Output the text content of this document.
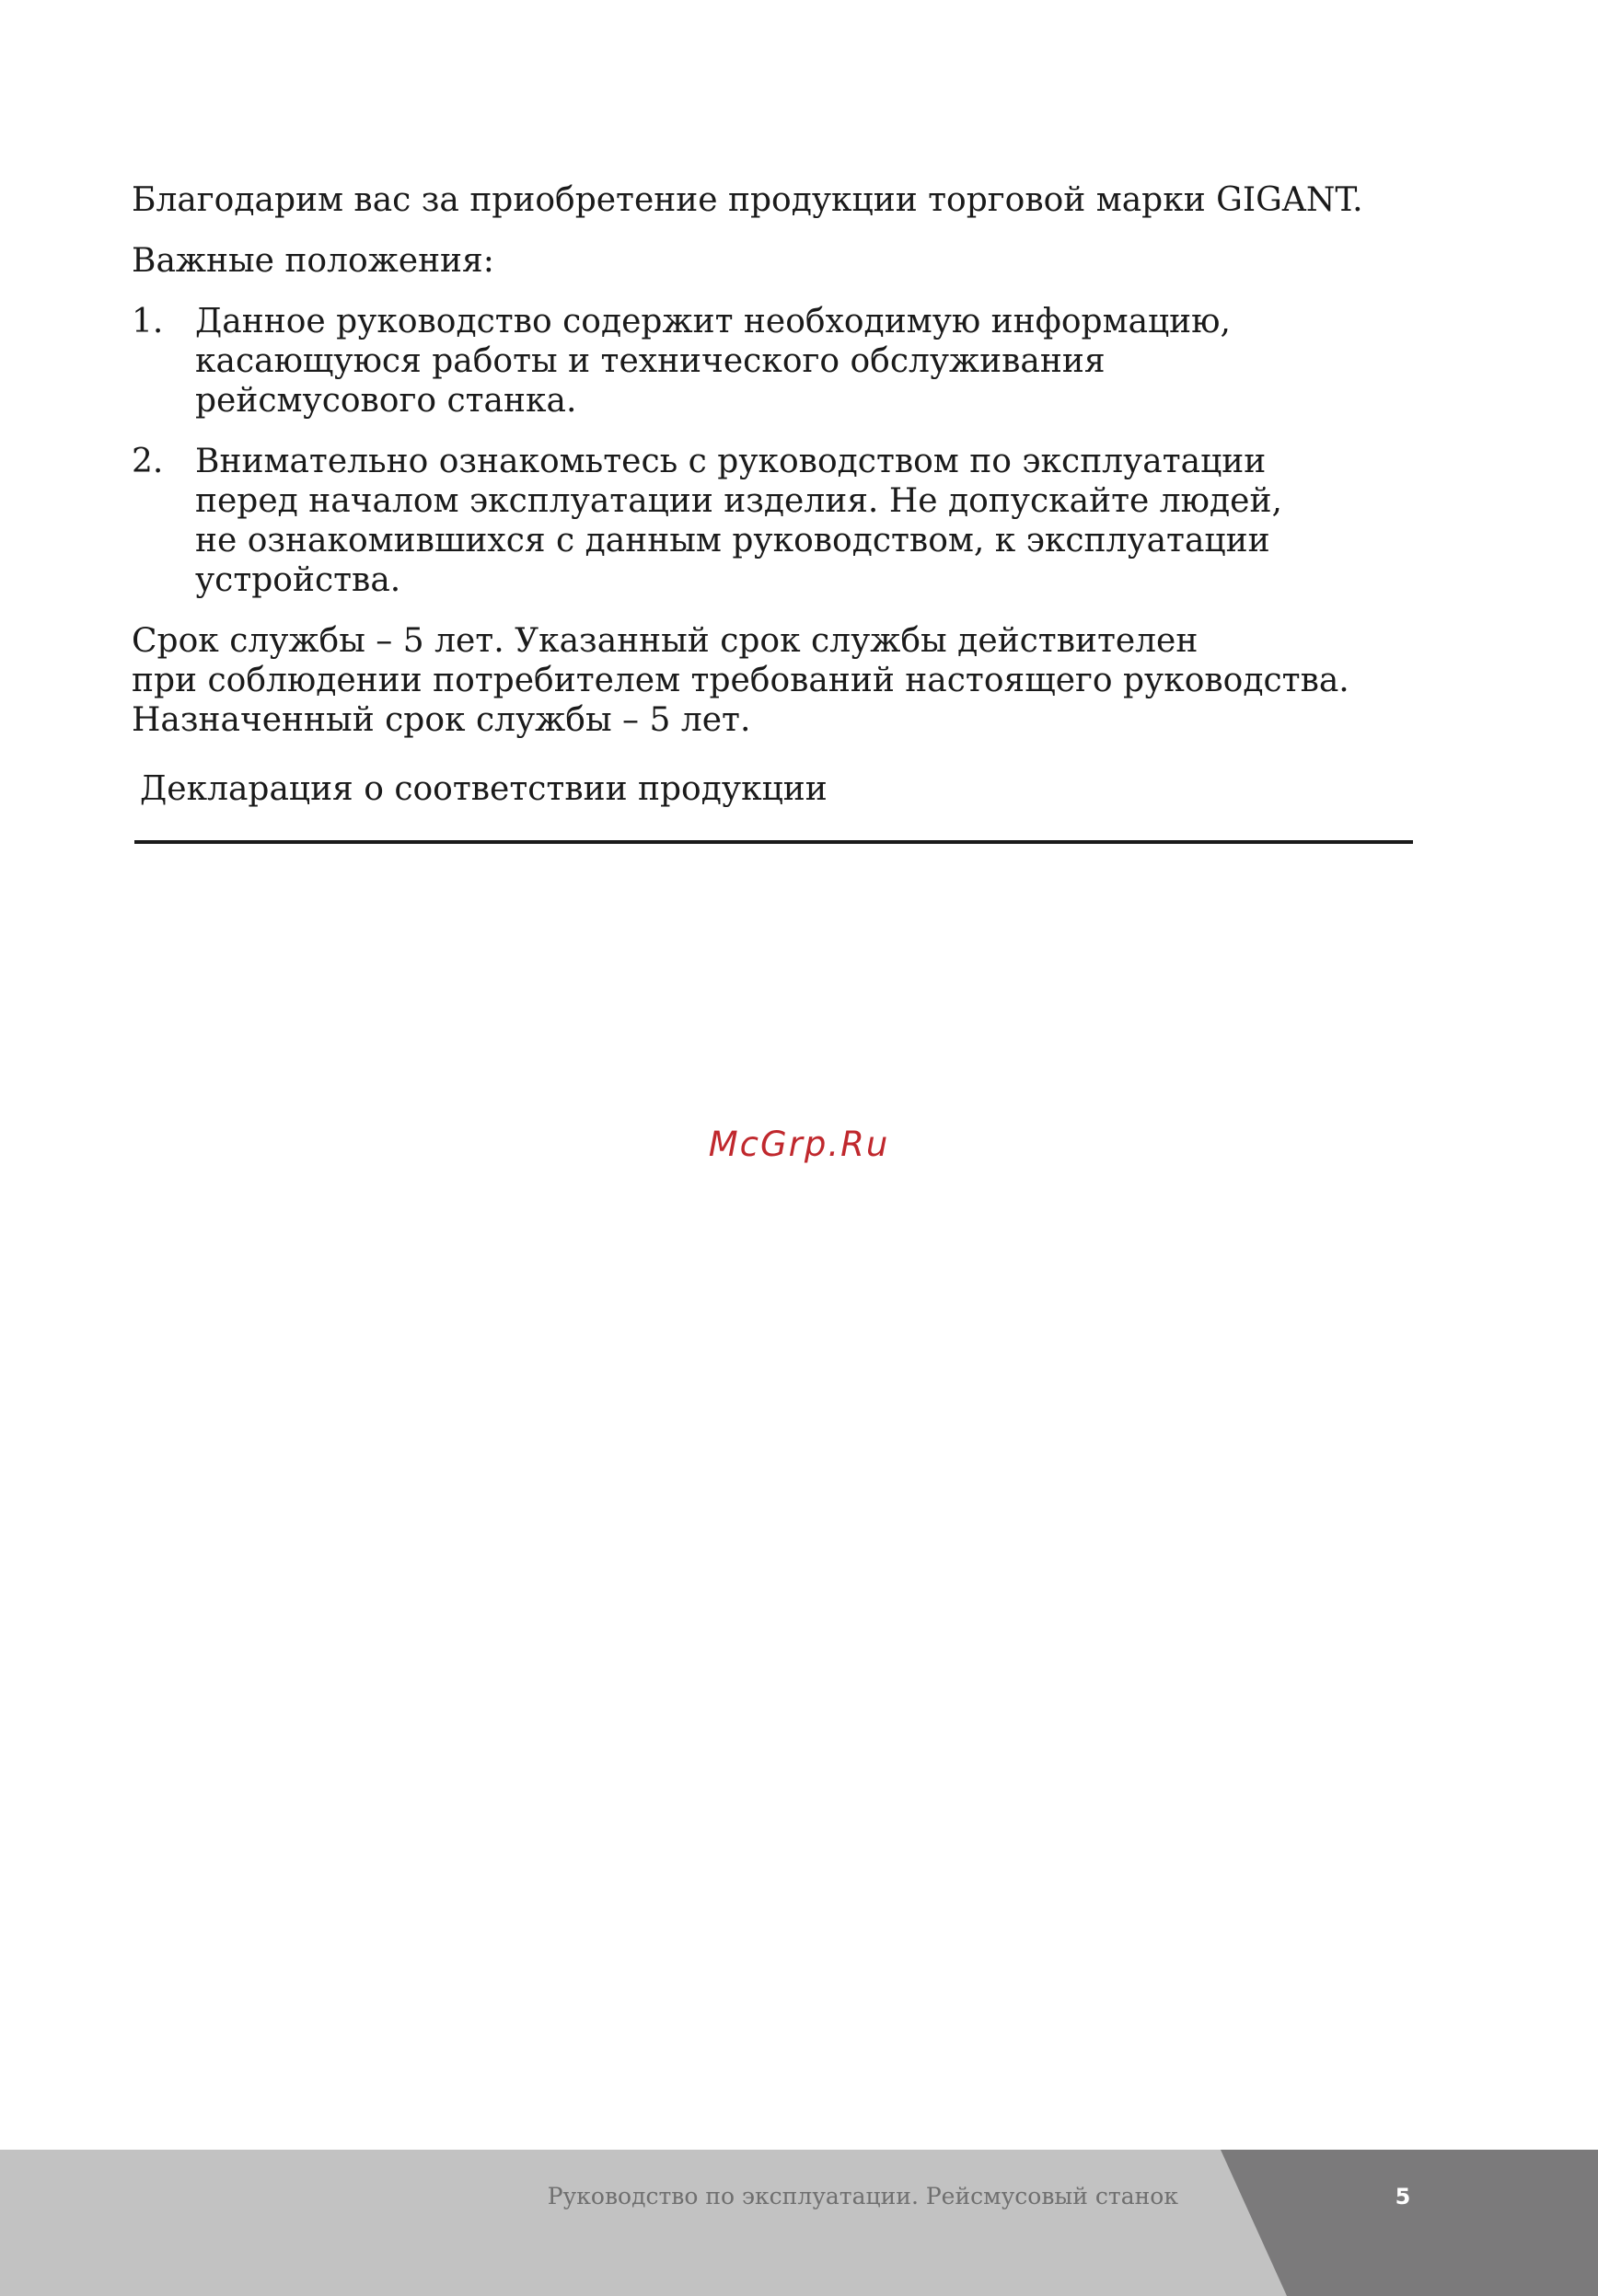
Благодарим вас за приобретение продукции торговой марки GIGANT.

Важные положения:

1. Данное руководство содержит необходимую информацию,
касающуюся работы и технического обслуживания
рейсмусового станка.
2. Внимательно ознакомьтесь с руководством по эксплуатации
перед началом эксплуатации изделия. Не допускайте людей,
не ознакомившихся с данным руководством, к эксплуатации
устройства.
Срок службы – 5 лет. Указанный срок службы действителен
при соблюдении потребителем требований настоящего руководства.
Назначенный срок службы – 5 лет.
Декларация о соответствии продукции
McGrp.Ru
Руководство по эксплуатации. Рейсмусовый станок	5
